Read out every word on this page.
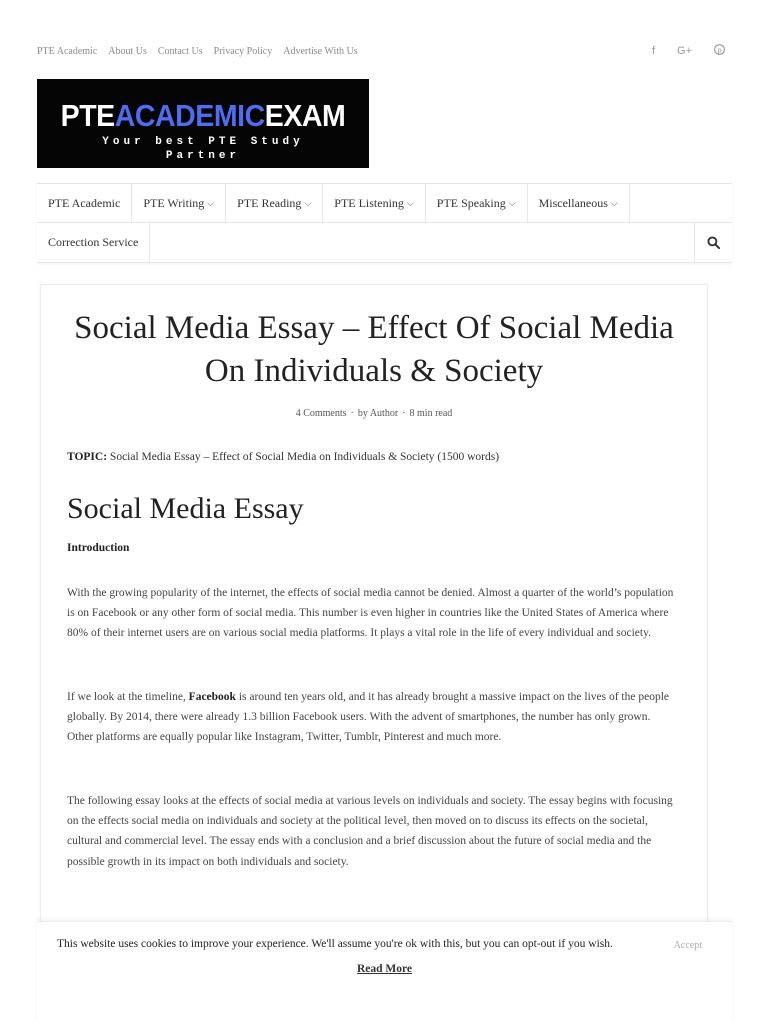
PTE Academic About Us Contact Us Privacy Policy Advertise With Us	f G+	p
PTEACADEMICEXAM
Your best PTE Study
Partner
PTE Academic PTE Writing ⌵ PTE Reading ⌵ PTE Listening ⌵ PTE Speaking ⌵ Miscellaneous ⌵
Correction Service
Social Media Essay – Effect Of Social Media On Individuals & Society
4 Comments · by Author · 8 min read
TOPIC: Social Media Essay – Effect of Social Media on Individuals & Society (1500 words)
Social Media Essay
Introduction

With the growing popularity of the internet, the effects of social media cannot be denied. Almost a quarter of the world’s population is on Facebook or any other form of social media. This number is even higher in countries like the United States of America where 80% of their internet users are on various social media platforms. It plays a vital role in the life of every individual and society.

If we look at the timeline, Facebook is around ten years old, and it has already brought a massive impact on the lives of the people globally. By 2014, there were already 1.3 billion Facebook users. With the advent of smartphones, the number has only grown. Other platforms are equally popular like Instagram, Twitter, Tumblr, Pinterest and much more.

The following essay looks at the effects of social media at various levels on individuals and society. The essay begins with focusing on the effects social media on individuals and society at the political level, then moved on to discuss its effects on the societal, cultural and commercial level. The essay ends with a conclusion and a brief discussion about the future of social media and the possible growth in its impact on both individuals and society.

This website uses cookies to improve your experience. We'll assume you're ok with this, but you can opt-out if you wish.	Accept
Read More
